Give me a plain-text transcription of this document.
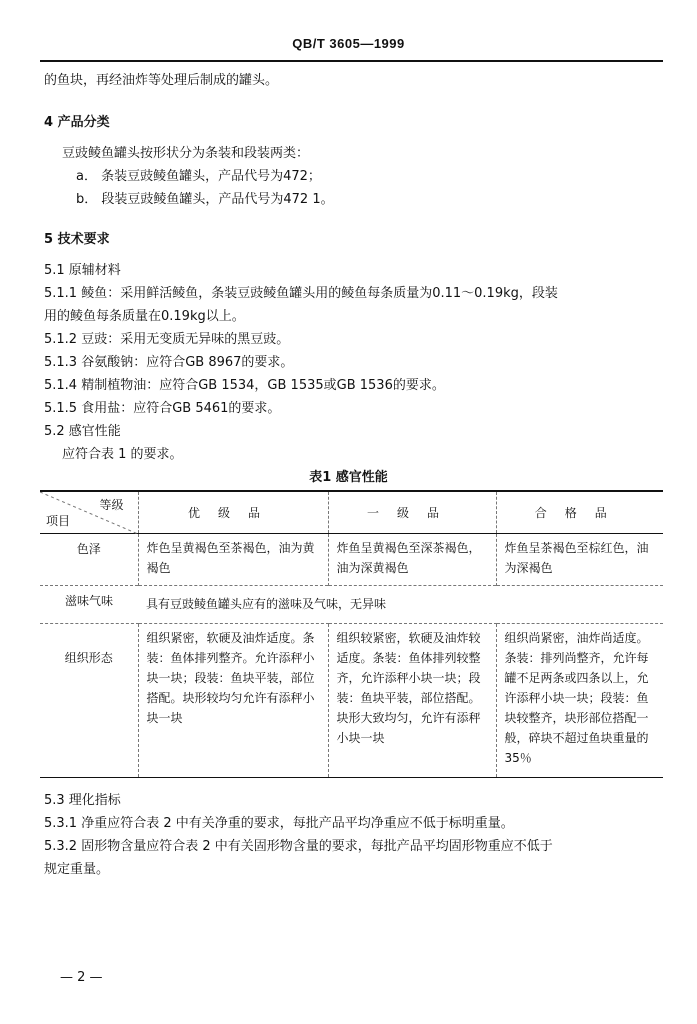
QB/T 3605—1999
的鱼块，再经油炸等处理后制成的罐头。
4 产品分类
豆豉鲮鱼罐头按形状分为条装和段装两类：
a． 条装豆豉鲮鱼罐头，产品代号为472；
b． 段装豆豉鲮鱼罐头，产品代号为472 1。
5 技术要求
5.1 原辅材料
5.1.1 鲮鱼：采用鲜活鲮鱼，条装豆豉鲮鱼罐头用的鲮鱼每条质量为0.11～0.19kg，段装
用的鲮鱼每条质量在0.19kg以上。
5.1.2 豆豉：采用无变质无异味的黑豆豉。
5.1.3 谷氨酸钠：应符合GB 8967的要求。
5.1.4 精制植物油：应符合GB 1534，GB 1535或GB 1536的要求。
5.1.5 食用盐：应符合GB 5461的要求。
5.2 感官性能
应符合表 1 的要求。
表1 感官性能
等级
项目	优级品	一级品	合格品
色泽	炸色呈黄褐色至茶褐色，油为黄褐色	炸鱼呈黄褐色至深茶褐色，油为深黄褐色	炸鱼呈茶褐色至棕红色，油为深褐色
滋味气味	具有豆豉鲮鱼罐头应有的滋味及气味，无异味		
组织形态	组织紧密，软硬及油炸适度。条装：鱼体排列整齐。允许添秤小块一块；段装：鱼块平装，部位搭配。块形较均匀允许有添秤小块一块	组织较紧密，软硬及油炸较适度。条装：鱼体排列较整齐，允许添秤小块一块；段装：鱼块平装，部位搭配。块形大致均匀，允许有添秤小块一块	组织尚紧密，油炸尚适度。条装：排列尚整齐，允许每罐不足两条或四条以上，允许添秤小块一块；段装：鱼块较整齐，块形部位搭配一般，碎块不超过鱼块重量的35％
5.3 理化指标
5.3.1 净重应符合表 2 中有关净重的要求，每批产品平均净重应不低于标明重量。
5.3.2 固形物含量应符合表 2 中有关固形物含量的要求，每批产品平均固形物重应不低于
规定重量。
— 2 —
